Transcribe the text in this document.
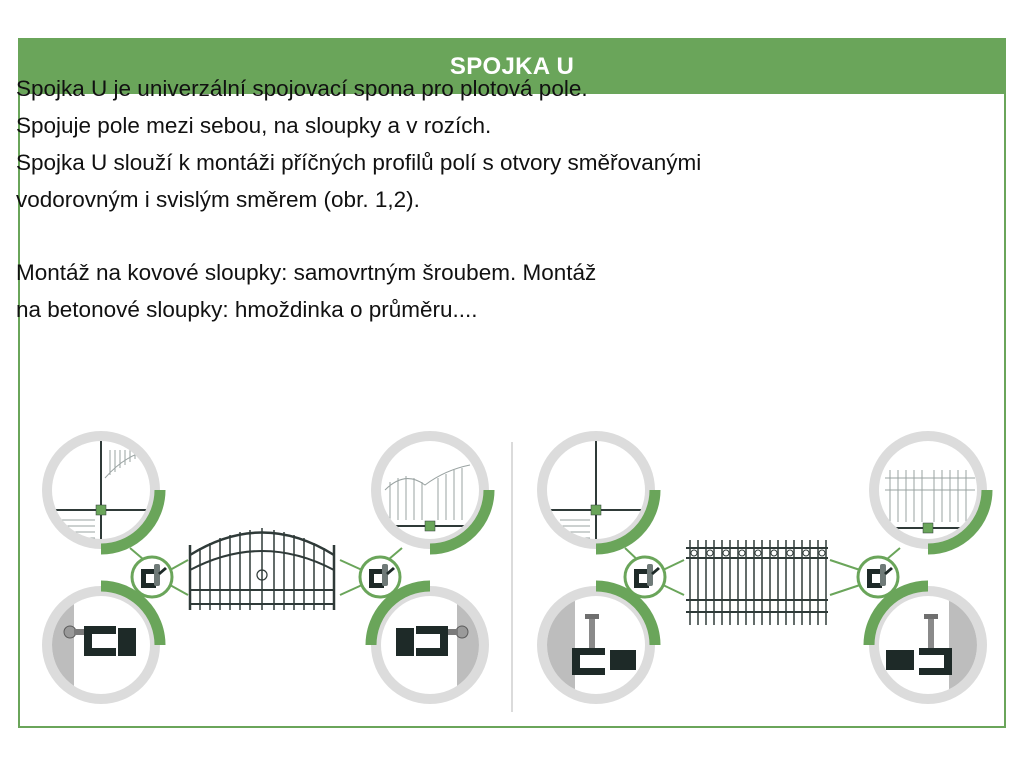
SPOJKA U

Spojka U je univerzální spojovací spona pro plotová pole.

Spojuje pole mezi sebou, na sloupky a v rozích.

Spojka U slouží k montáži příčných profilů polí s otvory směřovanými

vodorovným i svislým směrem (obr. 1,2).

Montáž na kovové sloupky: samovrtným šroubem. Montáž

na betonové sloupky: hmoždinka o průměru....
